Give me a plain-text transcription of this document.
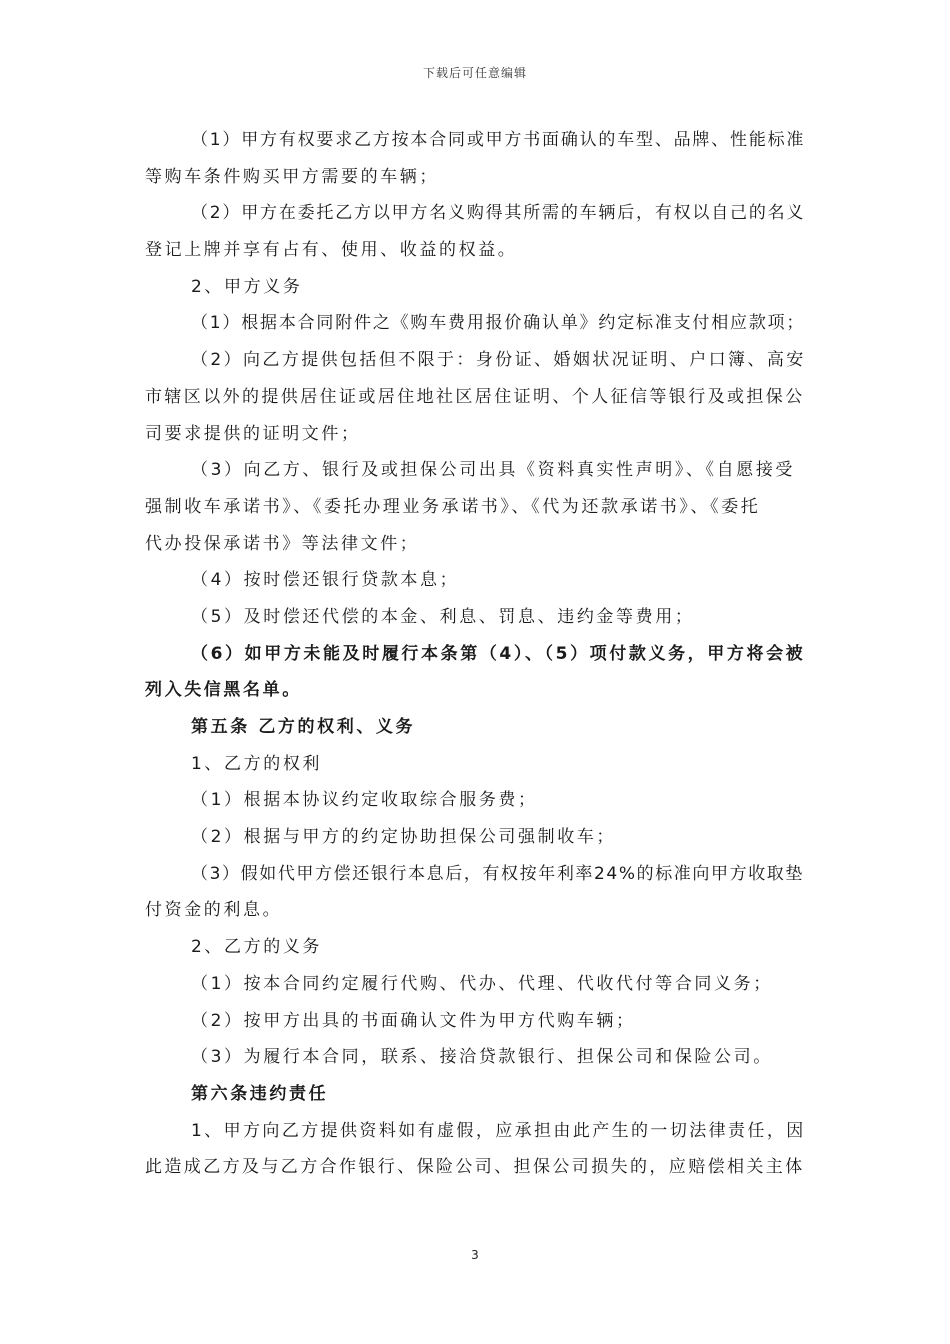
下载后可任意编辑
（1）甲方有权要求乙方按本合同或甲方书面确认的车型、品牌、性能标准
等购车条件购买甲方需要的车辆；
（2）甲方在委托乙方以甲方名义购得其所需的车辆后，有权以自己的名义
登记上牌并享有占有、使用、收益的权益。
2、甲方义务
（1）根据本合同附件之《购车费用报价确认单》约定标准支付相应款项；
（2）向乙方提供包括但不限于：身份证、婚姻状况证明、户口簿、高安
市辖区以外的提供居住证或居住地社区居住证明、个人征信等银行及或担保公
司要求提供的证明文件；
（3）向乙方、银行及或担保公司出具《资料真实性声明》、《自愿接受
强制收车承诺书》、《委托办理业务承诺书》、《代为还款承诺书》、《委托
代办投保承诺书》等法律文件；
（4）按时偿还银行贷款本息；
（5）及时偿还代偿的本金、利息、罚息、违约金等费用；
（6）如甲方未能及时履行本条第（4）、（5）项付款义务，甲方将会被
列入失信黑名单。
第五条 乙方的权利、义务
1、乙方的权利
（1）根据本协议约定收取综合服务费；
（2）根据与甲方的约定协助担保公司强制收车；
（3）假如代甲方偿还银行本息后，有权按年利率24%的标准向甲方收取垫
付资金的利息。
2、乙方的义务
（1）按本合同约定履行代购、代办、代理、代收代付等合同义务；
（2）按甲方出具的书面确认文件为甲方代购车辆；
（3）为履行本合同，联系、接洽贷款银行、担保公司和保险公司。
第六条违约责任
1、甲方向乙方提供资料如有虚假，应承担由此产生的一切法律责任，因
此造成乙方及与乙方合作银行、保险公司、担保公司损失的，应赔偿相关主体
3
